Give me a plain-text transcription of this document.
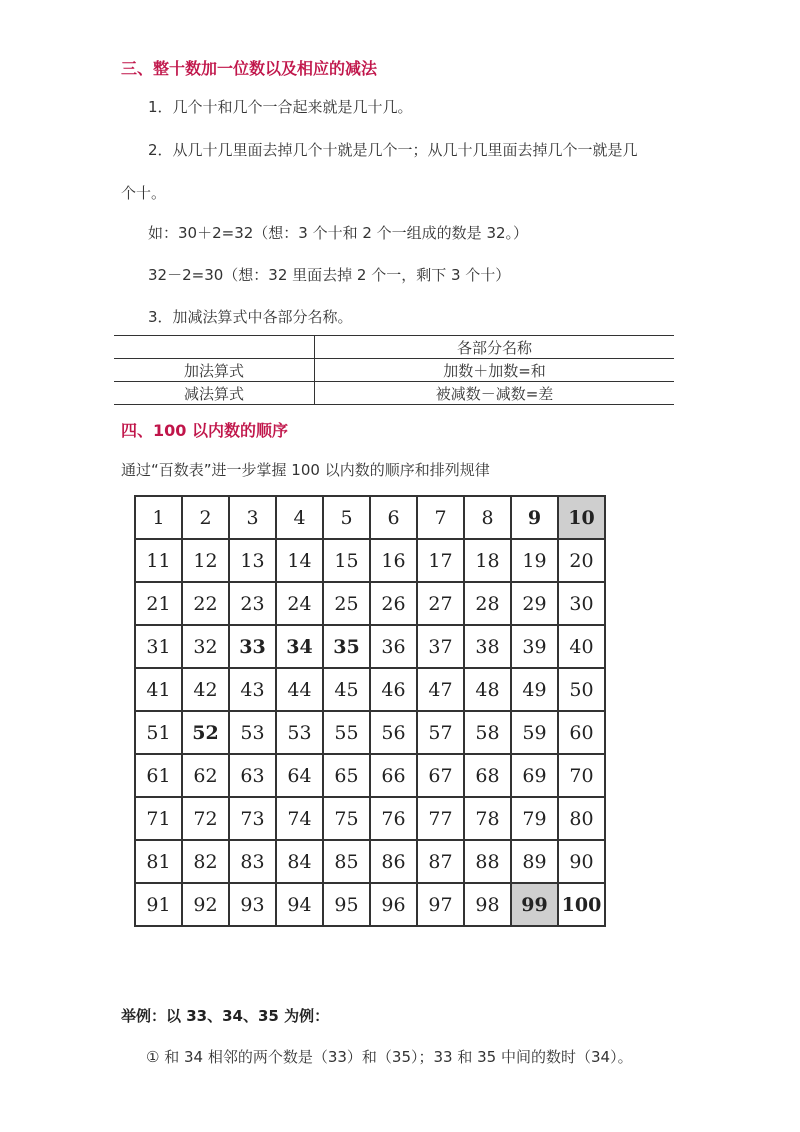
三、整十数加一位数以及相应的减法
1．几个十和几个一合起来就是几十几。
2．从几十几里面去掉几个十就是几个一；从几十几里面去掉几个一就是几
个十。
如：30＋2=32（想：3 个十和 2 个一组成的数是 32。）
32－2=30（想：32 里面去掉 2 个一，剩下 3 个十）
3．加减法算式中各部分名称。
	各部分名称
加法算式	加数＋加数=和
减法算式	被减数－减数=差
四、100 以内数的顺序
通过“百数表”进一步掌握 100 以内数的顺序和排列规律
1	2	3	4	5	6	7	8	9	10
11	12	13	14	15	16	17	18	19	20
21	22	23	24	25	26	27	28	29	30
31	32	33	34	35	36	37	38	39	40
41	42	43	44	45	46	47	48	49	50
51	52	53	53	55	56	57	58	59	60
61	62	63	64	65	66	67	68	69	70
71	72	73	74	75	76	77	78	79	80
81	82	83	84	85	86	87	88	89	90
91	92	93	94	95	96	97	98	99	100
举例：以 33、34、35 为例：
① 和 34 相邻的两个数是（33）和（35）；33 和 35 中间的数时（34）。
